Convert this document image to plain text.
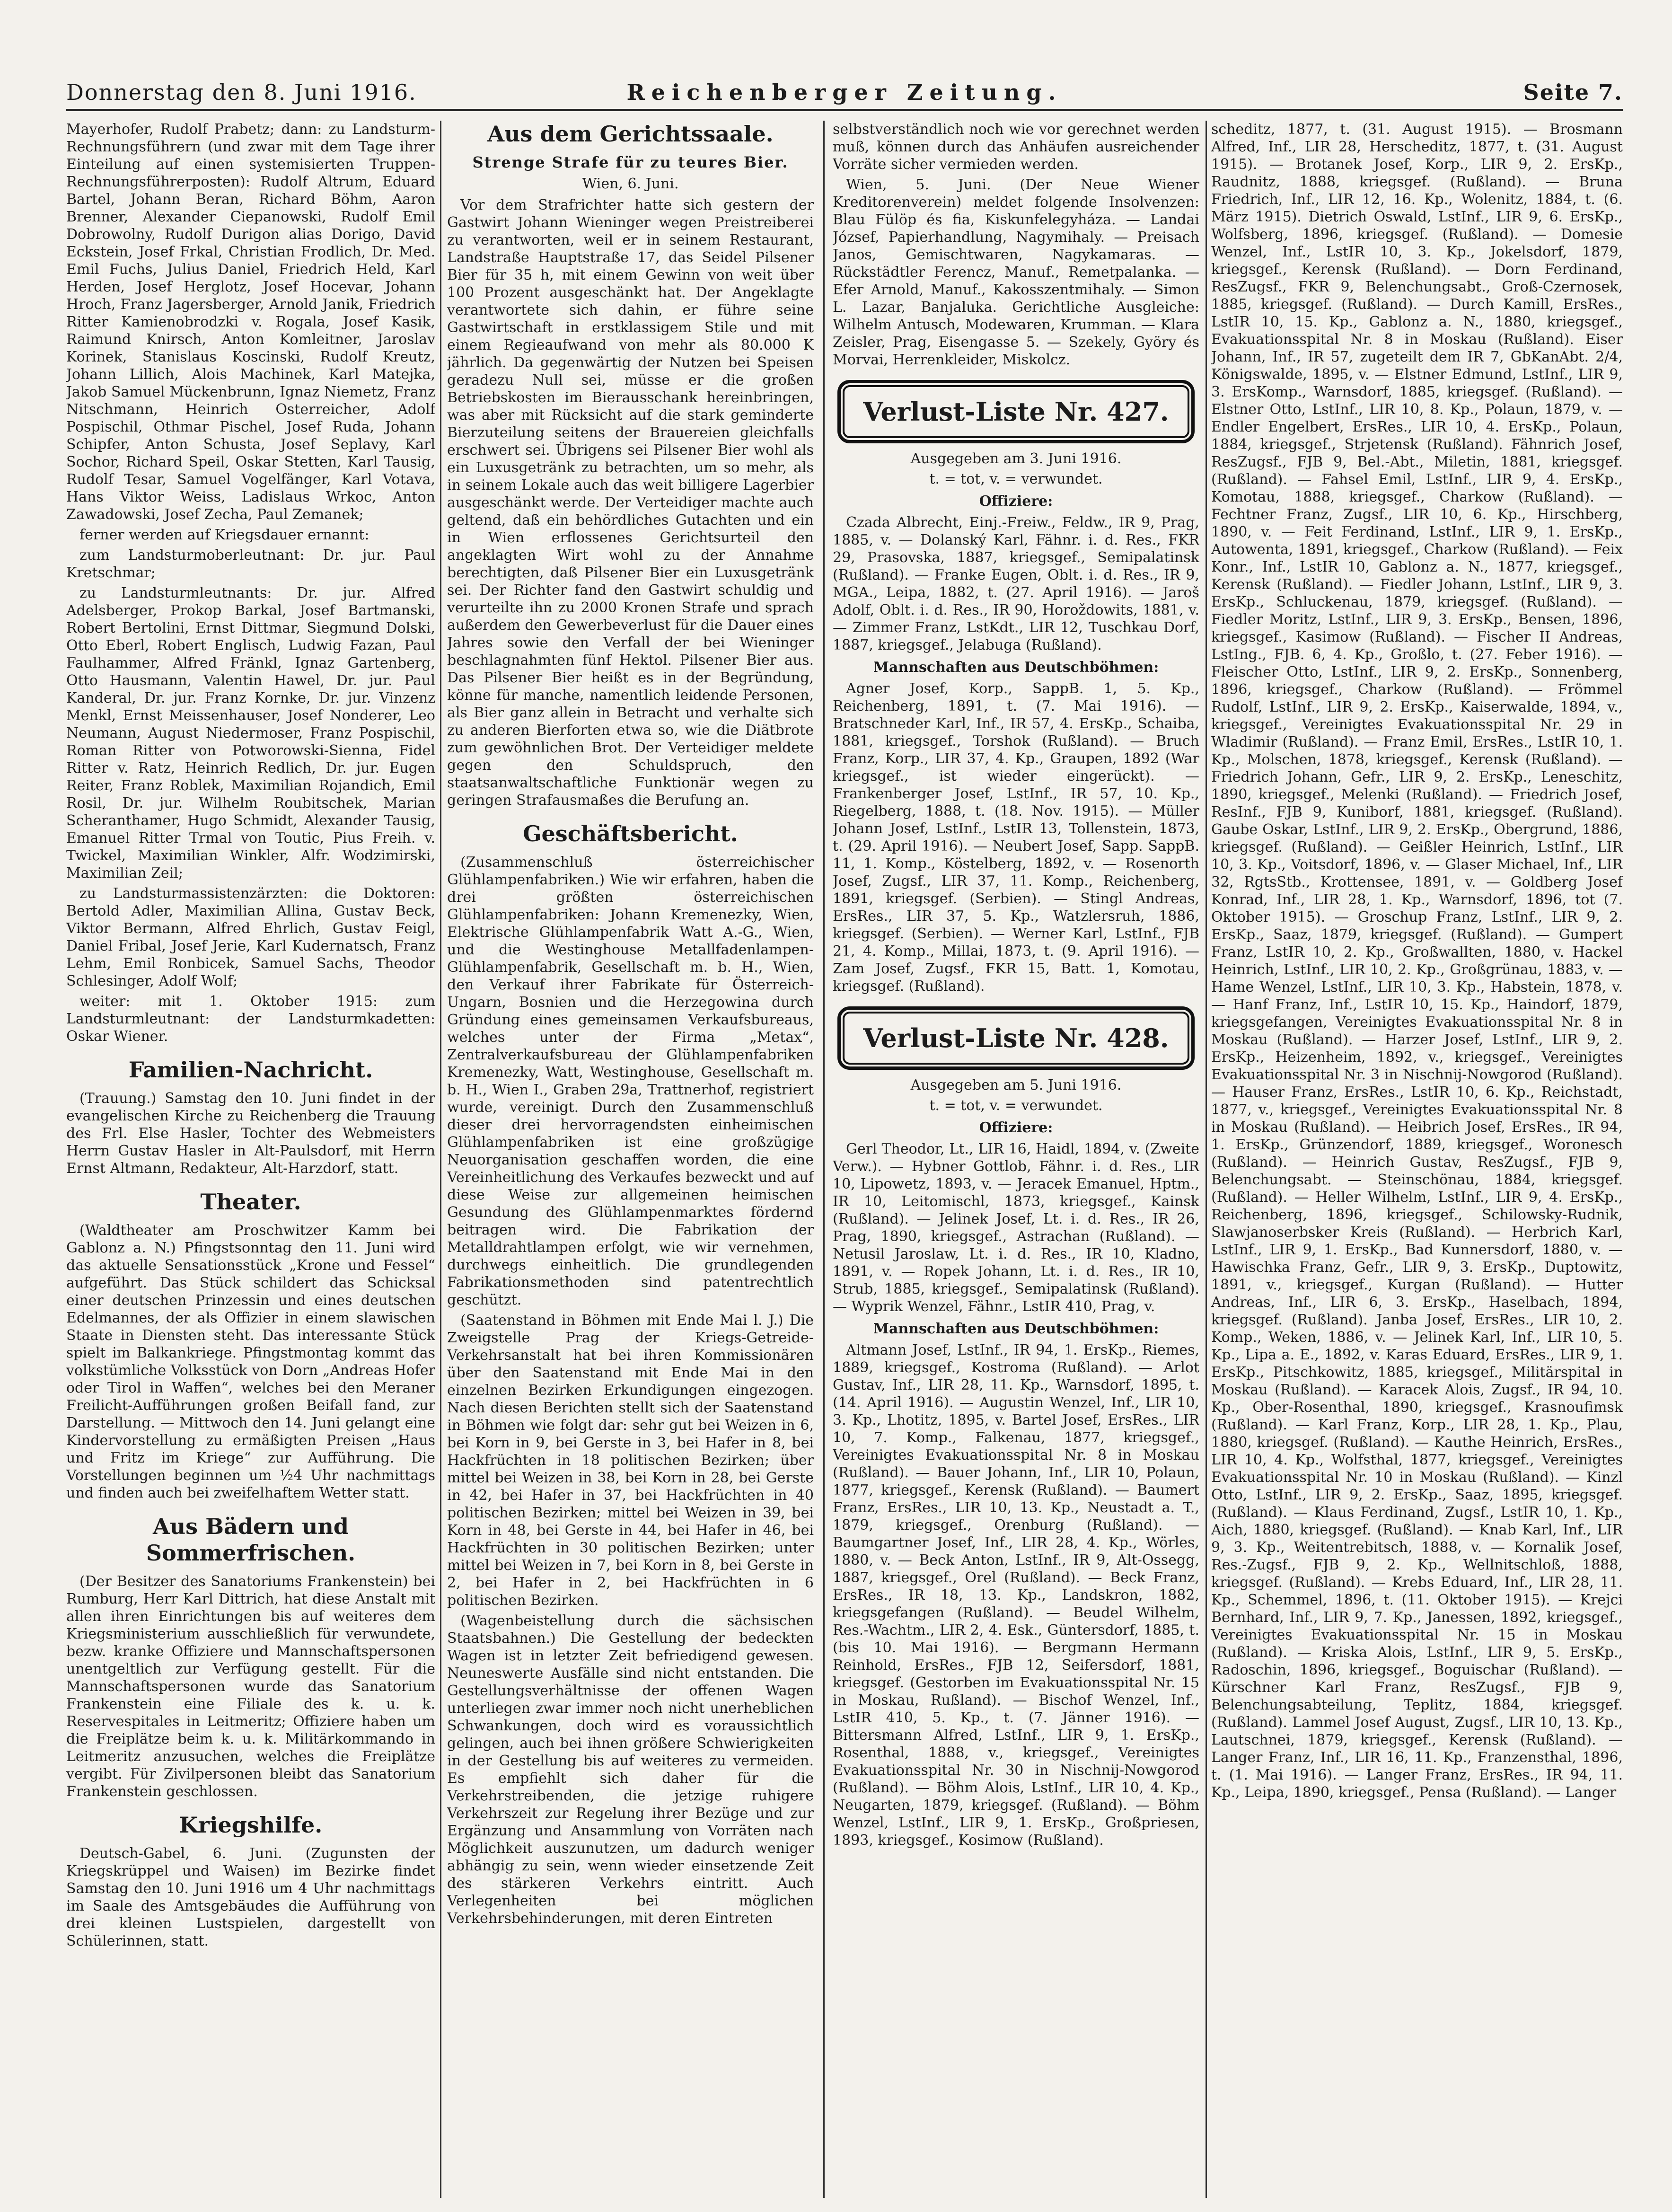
Donnerstag den 8. Juni 1916.	Reichenberger Zeitung.	Seite 7.

Mayerhofer, Rudolf Prabetz; dann: zu Landsturm-Rechnungsführern (und zwar mit dem Tage ihrer Einteilung auf einen systemisierten Truppen-Rechnungsführerposten): Rudolf Altrum, Eduard Bartel, Johann Beran, Richard Böhm, Aaron Brenner, Alexander Ciepanowski, Rudolf Emil Dobrowolny, Rudolf Durigon alias Dorigo, David Eckstein, Josef Frkal, Christian Frodlich, Dr. Med. Emil Fuchs, Julius Daniel, Friedrich Held, Karl Herden, Josef Herglotz, Josef Hocevar, Johann Hroch, Franz Jagersberger, Arnold Janik, Friedrich Ritter Kamienobrodzki v. Rogala, Josef Kasik, Raimund Knirsch, Anton Komleitner, Jaroslav Korinek, Stanislaus Koscinski, Rudolf Kreutz, Johann Lillich, Alois Machinek, Karl Matejka, Jakob Samuel Mückenbrunn, Ignaz Niemetz, Franz Nitschmann, Heinrich Osterreicher, Adolf Pospischil, Othmar Pischel, Josef Ruda, Johann Schipfer, Anton Schusta, Josef Seplavy, Karl Sochor, Richard Speil, Oskar Stetten, Karl Tausig, Rudolf Tesar, Samuel Vogelfänger, Karl Votava, Hans Viktor Weiss, Ladislaus Wrkoc, Anton Zawadowski, Josef Zecha, Paul Zemanek;

ferner werden auf Kriegsdauer ernannt:

zum Landsturmoberleutnant: Dr. jur. Paul Kretschmar;

zu Landsturmleutnants: Dr. jur. Alfred Adelsberger, Prokop Barkal, Josef Bartmanski, Robert Bertolini, Ernst Dittmar, Siegmund Dolski, Otto Eberl, Robert Englisch, Ludwig Fazan, Paul Faulhammer, Alfred Fränkl, Ignaz Gartenberg, Otto Hausmann, Valentin Hawel, Dr. jur. Paul Kanderal, Dr. jur. Franz Kornke, Dr. jur. Vinzenz Menkl, Ernst Meissenhauser, Josef Nonderer, Leo Neumann, August Niedermoser, Franz Pospischil, Roman Ritter von Potworowski-Sienna, Fidel Ritter v. Ratz, Heinrich Redlich, Dr. jur. Eugen Reiter, Franz Roblek, Maximilian Rojandich, Emil Rosil, Dr. jur. Wilhelm Roubitschek, Marian Scheranthamer, Hugo Schmidt, Alexander Tausig, Emanuel Ritter Trmal von Toutic, Pius Freih. v. Twickel, Maximilian Winkler, Alfr. Wodzimirski, Maximilian Zeil;

zu Landsturmassistenzärzten: die Doktoren: Bertold Adler, Maximilian Allina, Gustav Beck, Viktor Bermann, Alfred Ehrlich, Gustav Feigl, Daniel Fribal, Josef Jerie, Karl Kudernatsch, Franz Lehm, Emil Ronbicek, Samuel Sachs, Theodor Schlesinger, Adolf Wolf;

weiter: mit 1. Oktober 1915: zum Landsturmleutnant: der Landsturmkadetten: Oskar Wiener.

Familien-Nachricht.

(Trauung.) Samstag den 10. Juni findet in der evangelischen Kirche zu Reichenberg die Trauung des Frl. Else Hasler, Tochter des Webmeisters Herrn Gustav Hasler in Alt-Paulsdorf, mit Herrn Ernst Altmann, Redakteur, Alt-Harzdorf, statt.

Theater.

(Waldtheater am Proschwitzer Kamm bei Gablonz a. N.) Pfingstsonntag den 11. Juni wird das aktuelle Sensationsstück „Krone und Fessel“ aufgeführt. Das Stück schildert das Schicksal einer deutschen Prinzessin und eines deutschen Edelmannes, der als Offizier in einem slawischen Staate in Diensten steht. Das interessante Stück spielt im Balkankriege. Pfingstmontag kommt das volkstümliche Volksstück von Dorn „Andreas Hofer oder Tirol in Waffen“, welches bei den Meraner Freilicht-Aufführungen großen Beifall fand, zur Darstellung. — Mittwoch den 14. Juni gelangt eine Kindervorstellung zu ermäßigten Preisen „Haus und Fritz im Kriege“ zur Aufführung. Die Vorstellungen beginnen um ½4 Uhr nachmittags und finden auch bei zweifelhaftem Wetter statt.

Aus Bädern und Sommerfrischen.

(Der Besitzer des Sanatoriums Frankenstein) bei Rumburg, Herr Karl Dittrich, hat diese Anstalt mit allen ihren Einrichtungen bis auf weiteres dem Kriegsministerium ausschließlich für verwundete, bezw. kranke Offiziere und Mannschaftspersonen unentgeltlich zur Verfügung gestellt. Für die Mannschaftspersonen wurde das Sanatorium Frankenstein eine Filiale des k. u. k. Reservespitales in Leitmeritz; Offiziere haben um die Freiplätze beim k. u. k. Militärkommando in Leitmeritz anzusuchen, welches die Freiplätze vergibt. Für Zivilpersonen bleibt das Sanatorium Frankenstein geschlossen.

Kriegshilfe.

Deutsch-Gabel, 6. Juni. (Zugunsten der Kriegskrüppel und Waisen) im Bezirke findet Samstag den 10. Juni 1916 um 4 Uhr nachmittags im Saale des Amtsgebäudes die Aufführung von drei kleinen Lustspielen, dargestellt von Schülerinnen, statt.

Aus dem Gerichtssaale.
Strenge Strafe für zu teures Bier.
Wien, 6. Juni.

Vor dem Strafrichter hatte sich gestern der Gastwirt Johann Wieninger wegen Preistreiberei zu verantworten, weil er in seinem Restaurant, Landstraße Hauptstraße 17, das Seidel Pilsener Bier für 35 h, mit einem Gewinn von weit über 100 Prozent ausgeschänkt hat. Der Angeklagte verantwortete sich dahin, er führe seine Gastwirtschaft in erstklassigem Stile und mit einem Regieaufwand von mehr als 80.000 K jährlich. Da gegenwärtig der Nutzen bei Speisen geradezu Null sei, müsse er die großen Betriebskosten im Bierausschank hereinbringen, was aber mit Rücksicht auf die stark geminderte Bierzuteilung seitens der Brauereien gleichfalls erschwert sei. Übrigens sei Pilsener Bier wohl als ein Luxusgetränk zu betrachten, um so mehr, als in seinem Lokale auch das weit billigere Lagerbier ausgeschänkt werde. Der Verteidiger machte auch geltend, daß ein behördliches Gutachten und ein in Wien erflossenes Gerichtsurteil den angeklagten Wirt wohl zu der Annahme berechtigten, daß Pilsener Bier ein Luxusgetränk sei. Der Richter fand den Gastwirt schuldig und verurteilte ihn zu 2000 Kronen Strafe und sprach außerdem den Gewerbeverlust für die Dauer eines Jahres sowie den Verfall der bei Wieninger beschlagnahmten fünf Hektol. Pilsener Bier aus. Das Pilsener Bier heißt es in der Begründung, könne für manche, namentlich leidende Personen, als Bier ganz allein in Betracht und verhalte sich zu anderen Bierforten etwa so, wie die Diätbrote zum gewöhnlichen Brot. Der Verteidiger meldete gegen den Schuldspruch, den staatsanwaltschaftliche Funktionär wegen zu geringen Strafausmaßes die Berufung an.

Geschäftsbericht.

(Zusammenschluß österreichischer Glühlampenfabriken.) Wie wir erfahren, haben die drei größten österreichischen Glühlampenfabriken: Johann Kremenezky, Wien, Elektrische Glühlampenfabrik Watt A.-G., Wien, und die Westinghouse Metallfadenlampen-Glühlampenfabrik, Gesellschaft m. b. H., Wien, den Verkauf ihrer Fabrikate für Österreich-Ungarn, Bosnien und die Herzegowina durch Gründung eines gemeinsamen Verkaufsbureaus, welches unter der Firma „Metax“, Zentralverkaufsbureau der Glühlampenfabriken Kremenezky, Watt, Westinghouse, Gesellschaft m. b. H., Wien I., Graben 29a, Trattnerhof, registriert wurde, vereinigt. Durch den Zusammenschluß dieser drei hervorragendsten einheimischen Glühlampenfabriken ist eine großzügige Neuorganisation geschaffen worden, die eine Vereinheitlichung des Verkaufes bezweckt und auf diese Weise zur allgemeinen heimischen Gesundung des Glühlampenmarktes fördernd beitragen wird. Die Fabrikation der Metalldrahtlampen erfolgt, wie wir vernehmen, durchwegs einheitlich. Die grundlegenden Fabrikationsmethoden sind patentrechtlich geschützt.

(Saatenstand in Böhmen mit Ende Mai l. J.) Die Zweigstelle Prag der Kriegs-Getreide-Verkehrsanstalt hat bei ihren Kommissionären über den Saatenstand mit Ende Mai in den einzelnen Bezirken Erkundigungen eingezogen. Nach diesen Berichten stellt sich der Saatenstand in Böhmen wie folgt dar: sehr gut bei Weizen in 6, bei Korn in 9, bei Gerste in 3, bei Hafer in 8, bei Hackfrüchten in 18 politischen Bezirken; über mittel bei Weizen in 38, bei Korn in 28, bei Gerste in 42, bei Hafer in 37, bei Hackfrüchten in 40 politischen Bezirken; mittel bei Weizen in 39, bei Korn in 48, bei Gerste in 44, bei Hafer in 46, bei Hackfrüchten in 30 politischen Bezirken; unter mittel bei Weizen in 7, bei Korn in 8, bei Gerste in 2, bei Hafer in 2, bei Hackfrüchten in 6 politischen Bezirken.

(Wagenbeistellung durch die sächsischen Staatsbahnen.) Die Gestellung der bedeckten Wagen ist in letzter Zeit befriedigend gewesen. Neuneswerte Ausfälle sind nicht entstanden. Die Gestellungsverhältnisse der offenen Wagen unterliegen zwar immer noch nicht unerheblichen Schwankungen, doch wird es voraussichtlich gelingen, auch bei ihnen größere Schwierigkeiten in der Gestellung bis auf weiteres zu vermeiden. Es empfiehlt sich daher für die Verkehrstreibenden, die jetzige ruhigere Verkehrszeit zur Regelung ihrer Bezüge und zur Ergänzung und Ansammlung von Vorräten nach Möglichkeit auszunutzen, um dadurch weniger abhängig zu sein, wenn wieder einsetzende Zeit des stärkeren Verkehrs eintritt. Auch Verlegenheiten bei möglichen Verkehrsbehinderungen, mit deren Eintreten

selbstverständlich noch wie vor gerechnet werden muß, können durch das Anhäufen ausreichender Vorräte sicher vermieden werden.

Wien, 5. Juni. (Der Neue Wiener Kreditorenverein) meldet folgende Insolvenzen: Blau Fülöp és fia, Kiskunfelegyháza. — Landai József, Papierhandlung, Nagymihaly. — Preisach Janos, Gemischtwaren, Nagykamaras. — Rückstädtler Ferencz, Manuf., Remetpalanka. — Efer Arnold, Manuf., Kakosszentmihaly. — Simon L. Lazar, Banjaluka. Gerichtliche Ausgleiche: Wilhelm Antusch, Modewaren, Krumman. — Klara Zeisler, Prag, Eisengasse 5. — Szekely, Györy és Morvai, Herrenkleider, Miskolcz.

Verlust-Liste Nr. 427.

Ausgegeben am 3. Juni 1916.

t. = tot, v. = verwundet.

Offiziere:

Czada Albrecht, Einj.-Freiw., Feldw., IR 9, Prag, 1885, v. — Dolanský Karl, Fähnr. i. d. Res., FKR 29, Prasovska, 1887, kriegsgef., Semipalatinsk (Rußland). — Franke Eugen, Oblt. i. d. Res., IR 9, MGA., Leipa, 1882, t. (27. April 1916). — Jaroš Adolf, Oblt. i. d. Res., IR 90, Horoždowits, 1881, v. — Zimmer Franz, LstKdt., LIR 12, Tuschkau Dorf, 1887, kriegsgef., Jelabuga (Rußland).

Mannschaften aus Deutschböhmen:

Agner Josef, Korp., SappB. 1, 5. Kp., Reichenberg, 1891, t. (7. Mai 1916). — Bratschneder Karl, Inf., IR 57, 4. ErsKp., Schaiba, 1881, kriegsgef., Torshok (Rußland). — Bruch Franz, Korp., LIR 37, 4. Kp., Graupen, 1892 (War kriegsgef., ist wieder eingerückt). — Frankenberger Josef, LstInf., IR 57, 10. Kp., Riegelberg, 1888, t. (18. Nov. 1915). — Müller Johann Josef, LstInf., LstIR 13, Tollenstein, 1873, t. (29. April 1916). — Neubert Josef, Sapp. SappB. 11, 1. Komp., Köstelberg, 1892, v. — Rosenorth Josef, Zugsf., LIR 37, 11. Komp., Reichenberg, 1891, kriegsgef. (Serbien). — Stingl Andreas, ErsRes., LIR 37, 5. Kp., Watzlersruh, 1886, kriegsgef. (Serbien). — Werner Karl, LstInf., FJB 21, 4. Komp., Millai, 1873, t. (9. April 1916). — Zam Josef, Zugsf., FKR 15, Batt. 1, Komotau, kriegsgef. (Rußland).

Verlust-Liste Nr. 428.

Ausgegeben am 5. Juni 1916.

t. = tot, v. = verwundet.

Offiziere:

Gerl Theodor, Lt., LIR 16, Haidl, 1894, v. (Zweite Verw.). — Hybner Gottlob, Fähnr. i. d. Res., LIR 10, Lipowetz, 1893, v. — Jeracek Emanuel, Hptm., IR 10, Leitomischl, 1873, kriegsgef., Kainsk (Rußland). — Jelinek Josef, Lt. i. d. Res., IR 26, Prag, 1890, kriegsgef., Astrachan (Rußland). — Netusil Jaroslaw, Lt. i. d. Res., IR 10, Kladno, 1891, v. — Ropek Johann, Lt. i. d. Res., IR 10, Strub, 1885, kriegsgef., Semipalatinsk (Rußland). — Wyprik Wenzel, Fähnr., LstIR 410, Prag, v.

Mannschaften aus Deutschböhmen:

Altmann Josef, LstInf., IR 94, 1. ErsKp., Riemes, 1889, kriegsgef., Kostroma (Rußland). — Arlot Gustav, Inf., LIR 28, 11. Kp., Warnsdorf, 1895, t. (14. April 1916). — Augustin Wenzel, Inf., LIR 10, 3. Kp., Lhotitz, 1895, v. Bartel Josef, ErsRes., LIR 10, 7. Komp., Falkenau, 1877, kriegsgef., Vereinigtes Evakuationsspital Nr. 8 in Moskau (Rußland). — Bauer Johann, Inf., LIR 10, Polaun, 1877, kriegsgef., Kerensk (Rußland). — Baumert Franz, ErsRes., LIR 10, 13. Kp., Neustadt a. T., 1879, kriegsgef., Orenburg (Rußland). — Baumgartner Josef, Inf., LIR 28, 4. Kp., Wörles, 1880, v. — Beck Anton, LstInf., IR 9, Alt-Ossegg, 1887, kriegsgef., Orel (Rußland). — Beck Franz, ErsRes., IR 18, 13. Kp., Landskron, 1882, kriegsgefangen (Rußland). — Beudel Wilhelm, Res.-Wachtm., LIR 2, 4. Esk., Güntersdorf, 1885, t. (bis 10. Mai 1916). — Bergmann Hermann Reinhold, ErsRes., FJB 12, Seifersdorf, 1881, kriegsgef. (Gestorben im Evakuationsspital Nr. 15 in Moskau, Rußland). — Bischof Wenzel, Inf., LstIR 410, 5. Kp., t. (7. Jänner 1916). — Bittersmann Alfred, LstInf., LIR 9, 1. ErsKp., Rosenthal, 1888, v., kriegsgef., Vereinigtes Evakuationsspital Nr. 30 in Nischnij-Nowgorod (Rußland). — Böhm Alois, LstInf., LIR 10, 4. Kp., Neugarten, 1879, kriegsgef. (Rußland). — Böhm Wenzel, LstInf., LIR 9, 1. ErsKp., Großpriesen, 1893, kriegsgef., Kosimow (Rußland).

scheditz, 1877, t. (31. August 1915). — Brosmann Alfred, Inf., LIR 28, Herscheditz, 1877, t. (31. August 1915). — Brotanek Josef, Korp., LIR 9, 2. ErsKp., Raudnitz, 1888, kriegsgef. (Rußland). — Bruna Friedrich, Inf., LIR 12, 16. Kp., Wolenitz, 1884, t. (6. März 1915). Dietrich Oswald, LstInf., LIR 9, 6. ErsKp., Wolfsberg, 1896, kriegsgef. (Rußland). — Domesie Wenzel, Inf., LstIR 10, 3. Kp., Jokelsdorf, 1879, kriegsgef., Kerensk (Rußland). — Dorn Ferdinand, ResZugsf., FKR 9, Belenchungsabt., Groß-Czernosek, 1885, kriegsgef. (Rußland). — Durch Kamill, ErsRes., LstIR 10, 15. Kp., Gablonz a. N., 1880, kriegsgef., Evakuationsspital Nr. 8 in Moskau (Rußland). Eiser Johann, Inf., IR 57, zugeteilt dem IR 7, GbKanAbt. 2/4, Königswalde, 1895, v. — Elstner Edmund, LstInf., LIR 9, 3. ErsKomp., Warnsdorf, 1885, kriegsgef. (Rußland). — Elstner Otto, LstInf., LIR 10, 8. Kp., Polaun, 1879, v. — Endler Engelbert, ErsRes., LIR 10, 4. ErsKp., Polaun, 1884, kriegsgef., Strjetensk (Rußland). Fähnrich Josef, ResZugsf., FJB 9, Bel.-Abt., Miletin, 1881, kriegsgef. (Rußland). — Fahsel Emil, LstInf., LIR 9, 4. ErsKp., Komotau, 1888, kriegsgef., Charkow (Rußland). — Fechtner Franz, Zugsf., LIR 10, 6. Kp., Hirschberg, 1890, v. — Feit Ferdinand, LstInf., LIR 9, 1. ErsKp., Autowenta, 1891, kriegsgef., Charkow (Rußland). — Feix Konr., Inf., LstIR 10, Gablonz a. N., 1877, kriegsgef., Kerensk (Rußland). — Fiedler Johann, LstInf., LIR 9, 3. ErsKp., Schluckenau, 1879, kriegsgef. (Rußland). — Fiedler Moritz, LstInf., LIR 9, 3. ErsKp., Bensen, 1896, kriegsgef., Kasimow (Rußland). — Fischer II Andreas, LstIng., FJB. 6, 4. Kp., Großlo, t. (27. Feber 1916). — Fleischer Otto, LstInf., LIR 9, 2. ErsKp., Sonnenberg, 1896, kriegsgef., Charkow (Rußland). — Frömmel Rudolf, LstInf., LIR 9, 2. ErsKp., Kaiserwalde, 1894, v., kriegsgef., Vereinigtes Evakuationsspital Nr. 29 in Wladimir (Rußland). — Franz Emil, ErsRes., LstIR 10, 1. Kp., Molschen, 1878, kriegsgef., Kerensk (Rußland). — Friedrich Johann, Gefr., LIR 9, 2. ErsKp., Leneschitz, 1890, kriegsgef., Melenki (Rußland). — Friedrich Josef, ResInf., FJB 9, Kuniborf, 1881, kriegsgef. (Rußland). Gaube Oskar, LstInf., LIR 9, 2. ErsKp., Obergrund, 1886, kriegsgef. (Rußland). — Geißler Heinrich, LstInf., LIR 10, 3. Kp., Voitsdorf, 1896, v. — Glaser Michael, Inf., LIR 32, RgtsStb., Krottensee, 1891, v. — Goldberg Josef Konrad, Inf., LIR 28, 1. Kp., Warnsdorf, 1896, tot (7. Oktober 1915). — Groschup Franz, LstInf., LIR 9, 2. ErsKp., Saaz, 1879, kriegsgef. (Rußland). — Gumpert Franz, LstIR 10, 2. Kp., Großwallten, 1880, v. Hackel Heinrich, LstInf., LIR 10, 2. Kp., Großgrünau, 1883, v. — Hame Wenzel, LstInf., LIR 10, 3. Kp., Habstein, 1878, v. — Hanf Franz, Inf., LstIR 10, 15. Kp., Haindorf, 1879, kriegsgefangen, Vereinigtes Evakuationsspital Nr. 8 in Moskau (Rußland). — Harzer Josef, LstInf., LIR 9, 2. ErsKp., Heizenheim, 1892, v., kriegsgef., Vereinigtes Evakuationsspital Nr. 3 in Nischnij-Nowgorod (Rußland). — Hauser Franz, ErsRes., LstIR 10, 6. Kp., Reichstadt, 1877, v., kriegsgef., Vereinigtes Evakuationsspital Nr. 8 in Moskau (Rußland). — Heibrich Josef, ErsRes., IR 94, 1. ErsKp., Grünzendorf, 1889, kriegsgef., Woronesch (Rußland). — Heinrich Gustav, ResZugsf., FJB 9, Belenchungsabt. — Steinschönau, 1884, kriegsgef. (Rußland). — Heller Wilhelm, LstInf., LIR 9, 4. ErsKp., Reichenberg, 1896, kriegsgef., Schilowsky-Rudnik, Slawjanoserbsker Kreis (Rußland). — Herbrich Karl, LstInf., LIR 9, 1. ErsKp., Bad Kunnersdorf, 1880, v. — Hawischka Franz, Gefr., LIR 9, 3. ErsKp., Duptowitz, 1891, v., kriegsgef., Kurgan (Rußland). — Hutter Andreas, Inf., LIR 6, 3. ErsKp., Haselbach, 1894, kriegsgef. (Rußland). Janba Josef, ErsRes., LIR 10, 2. Komp., Weken, 1886, v. — Jelinek Karl, Inf., LIR 10, 5. Kp., Lipa a. E., 1892, v. Karas Eduard, ErsRes., LIR 9, 1. ErsKp., Pitschkowitz, 1885, kriegsgef., Militärspital in Moskau (Rußland). — Karacek Alois, Zugsf., IR 94, 10. Kp., Ober-Rosenthal, 1890, kriegsgef., Krasnoufimsk (Rußland). — Karl Franz, Korp., LIR 28, 1. Kp., Plau, 1880, kriegsgef. (Rußland). — Kauthe Heinrich, ErsRes., LIR 10, 4. Kp., Wolfsthal, 1877, kriegsgef., Vereinigtes Evakuationsspital Nr. 10 in Moskau (Rußland). — Kinzl Otto, LstInf., LIR 9, 2. ErsKp., Saaz, 1895, kriegsgef. (Rußland). — Klaus Ferdinand, Zugsf., LstIR 10, 1. Kp., Aich, 1880, kriegsgef. (Rußland). — Knab Karl, Inf., LIR 9, 3. Kp., Weitentrebitsch, 1888, v. — Kornalik Josef, Res.-Zugsf., FJB 9, 2. Kp., Wellnitschloß, 1888, kriegsgef. (Rußland). — Krebs Eduard, Inf., LIR 28, 11. Kp., Schemmel, 1896, t. (11. Oktober 1915). — Krejci Bernhard, Inf., LIR 9, 7. Kp., Janessen, 1892, kriegsgef., Vereinigtes Evakuationsspital Nr. 15 in Moskau (Rußland). — Kriska Alois, LstInf., LIR 9, 5. ErsKp., Radoschin, 1896, kriegsgef., Boguischar (Rußland). — Kürschner Karl Franz, ResZugsf., FJB 9, Belenchungsabteilung, Teplitz, 1884, kriegsgef. (Rußland). Lammel Josef August, Zugsf., LIR 10, 13. Kp., Lautschnei, 1879, kriegsgef., Kerensk (Rußland). — Langer Franz, Inf., LIR 16, 11. Kp., Franzensthal, 1896, t. (1. Mai 1916). — Langer Franz, ErsRes., IR 94, 11. Kp., Leipa, 1890, kriegsgef., Pensa (Rußland). — Langer
